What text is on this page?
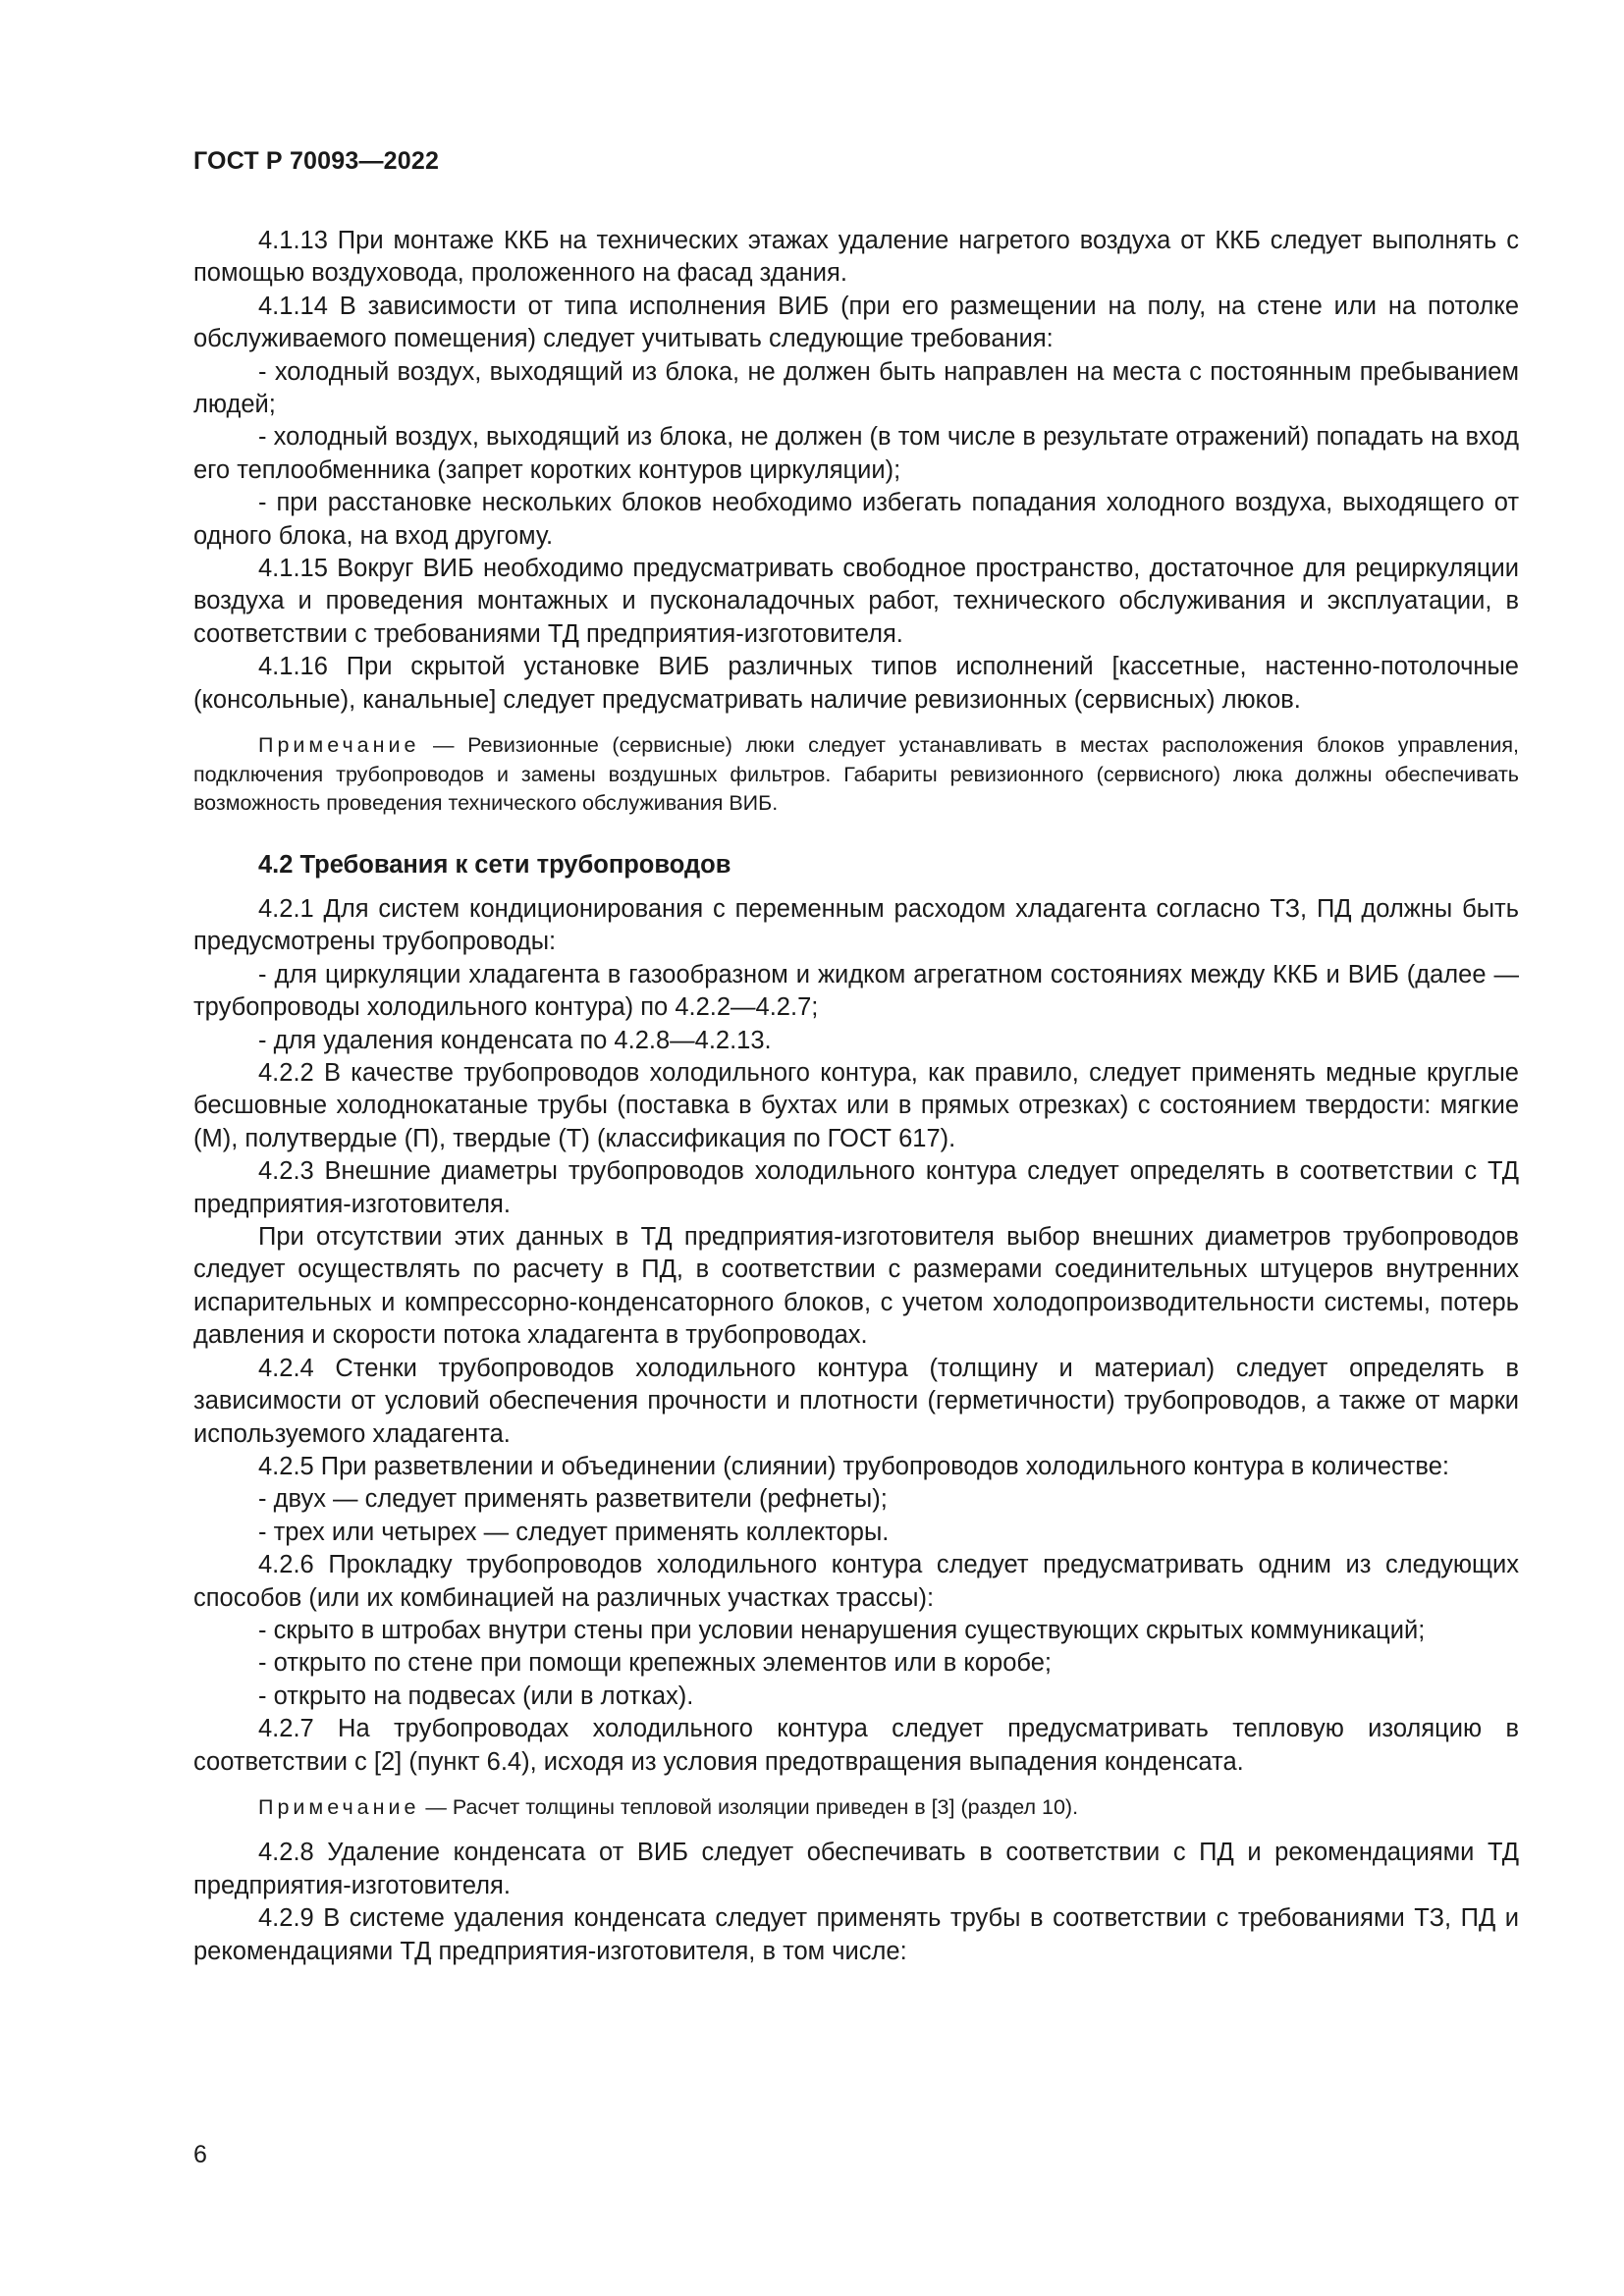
ГОСТ Р 70093—2022

4.1.13 При монтаже ККБ на технических этажах удаление нагретого воздуха от ККБ следует выполнять с помощью воздуховода, проложенного на фасад здания.

4.1.14 В зависимости от типа исполнения ВИБ (при его размещении на полу, на стене или на потолке обслуживаемого помещения) следует учитывать следующие требования:

- холодный воздух, выходящий из блока, не должен быть направлен на места с постоянным пребыванием людей;

- холодный воздух, выходящий из блока, не должен (в том числе в результате отражений) попадать на вход его теплообменника (запрет коротких контуров циркуляции);

- при расстановке нескольких блоков необходимо избегать попадания холодного воздуха, выходящего от одного блока, на вход другому.

4.1.15 Вокруг ВИБ необходимо предусматривать свободное пространство, достаточное для рециркуляции воздуха и проведения монтажных и пусконаладочных работ, технического обслуживания и эксплуатации, в соответствии с требованиями ТД предприятия-изготовителя.

4.1.16 При скрытой установке ВИБ различных типов исполнений [кассетные, настенно-потолочные (консольные), канальные] следует предусматривать наличие ревизионных (сервисных) люков.

Примечание — Ревизионные (сервисные) люки следует устанавливать в местах расположения блоков управления, подключения трубопроводов и замены воздушных фильтров. Габариты ревизионного (сервисного) люка должны обеспечивать возможность проведения технического обслуживания ВИБ.

4.2 Требования к сети трубопроводов

4.2.1 Для систем кондиционирования с переменным расходом хладагента согласно ТЗ, ПД должны быть предусмотрены трубопроводы:

- для циркуляции хладагента в газообразном и жидком агрегатном состояниях между ККБ и ВИБ (далее — трубопроводы холодильного контура) по 4.2.2—4.2.7;

- для удаления конденсата по 4.2.8—4.2.13.

4.2.2 В качестве трубопроводов холодильного контура, как правило, следует применять медные круглые бесшовные холоднокатаные трубы (поставка в бухтах или в прямых отрезках) с состоянием твердости: мягкие (М), полутвердые (П), твердые (Т) (классификация по ГОСТ 617).

4.2.3 Внешние диаметры трубопроводов холодильного контура следует определять в соответствии с ТД предприятия-изготовителя.

При отсутствии этих данных в ТД предприятия-изготовителя выбор внешних диаметров трубопроводов следует осуществлять по расчету в ПД, в соответствии с размерами соединительных штуцеров внутренних испарительных и компрессорно-конденсаторного блоков, с учетом холодопроизводительности системы, потерь давления и скорости потока хладагента в трубопроводах.

4.2.4 Стенки трубопроводов холодильного контура (толщину и материал) следует определять в зависимости от условий обеспечения прочности и плотности (герметичности) трубопроводов, а также от марки используемого хладагента.

4.2.5 При разветвлении и объединении (слиянии) трубопроводов холодильного контура в количестве:

- двух — следует применять разветвители (рефнеты);

- трех или четырех — следует применять коллекторы.

4.2.6 Прокладку трубопроводов холодильного контура следует предусматривать одним из следующих способов (или их комбинацией на различных участках трассы):

- скрыто в штробах внутри стены при условии ненарушения существующих скрытых коммуникаций;

- открыто по стене при помощи крепежных элементов или в коробе;

- открыто на подвесах (или в лотках).

4.2.7 На трубопроводах холодильного контура следует предусматривать тепловую изоляцию в соответствии с [2] (пункт 6.4), исходя из условия предотвращения выпадения конденсата.

Примечание — Расчет толщины тепловой изоляции приведен в [3] (раздел 10).

4.2.8 Удаление конденсата от ВИБ следует обеспечивать в соответствии с ПД и рекомендациями ТД предприятия-изготовителя.

4.2.9 В системе удаления конденсата следует применять трубы в соответствии с требованиями ТЗ, ПД и рекомендациями ТД предприятия-изготовителя, в том числе:

6
